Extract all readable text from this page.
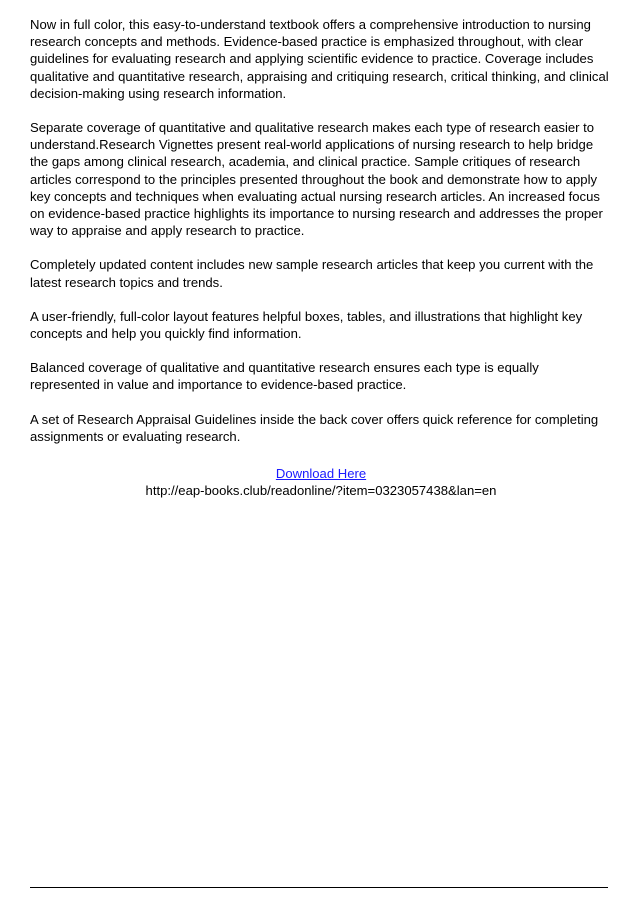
Now in full color, this easy-to-understand textbook offers a comprehensive introduction to nursing research concepts and methods. Evidence-based practice is emphasized throughout, with clear guidelines for evaluating research and applying scientific evidence to practice. Coverage includes qualitative and quantitative research, appraising and critiquing research, critical thinking, and clinical decision-making using research information.

Separate coverage of quantitative and qualitative research makes each type of research easier to understand.Research Vignettes present real-world applications of nursing research to help bridge the gaps among clinical research, academia, and clinical practice. Sample critiques of research articles correspond to the principles presented throughout the book and demonstrate how to apply key concepts and techniques when evaluating actual nursing research articles. An increased focus on evidence-based practice highlights its importance to nursing research and addresses the proper way to appraise and apply research to practice.

Completely updated content includes new sample research articles that keep you current with the latest research topics and trends.

A user-friendly, full-color layout features helpful boxes, tables, and illustrations that highlight key concepts and help you quickly find information.

Balanced coverage of qualitative and quantitative research ensures each type is equally represented in value and importance to evidence-based practice.

A set of Research Appraisal Guidelines inside the back cover offers quick reference for completing assignments or evaluating research.

Download Here
http://eap-books.club/readonline/?item=0323057438&lan=en
